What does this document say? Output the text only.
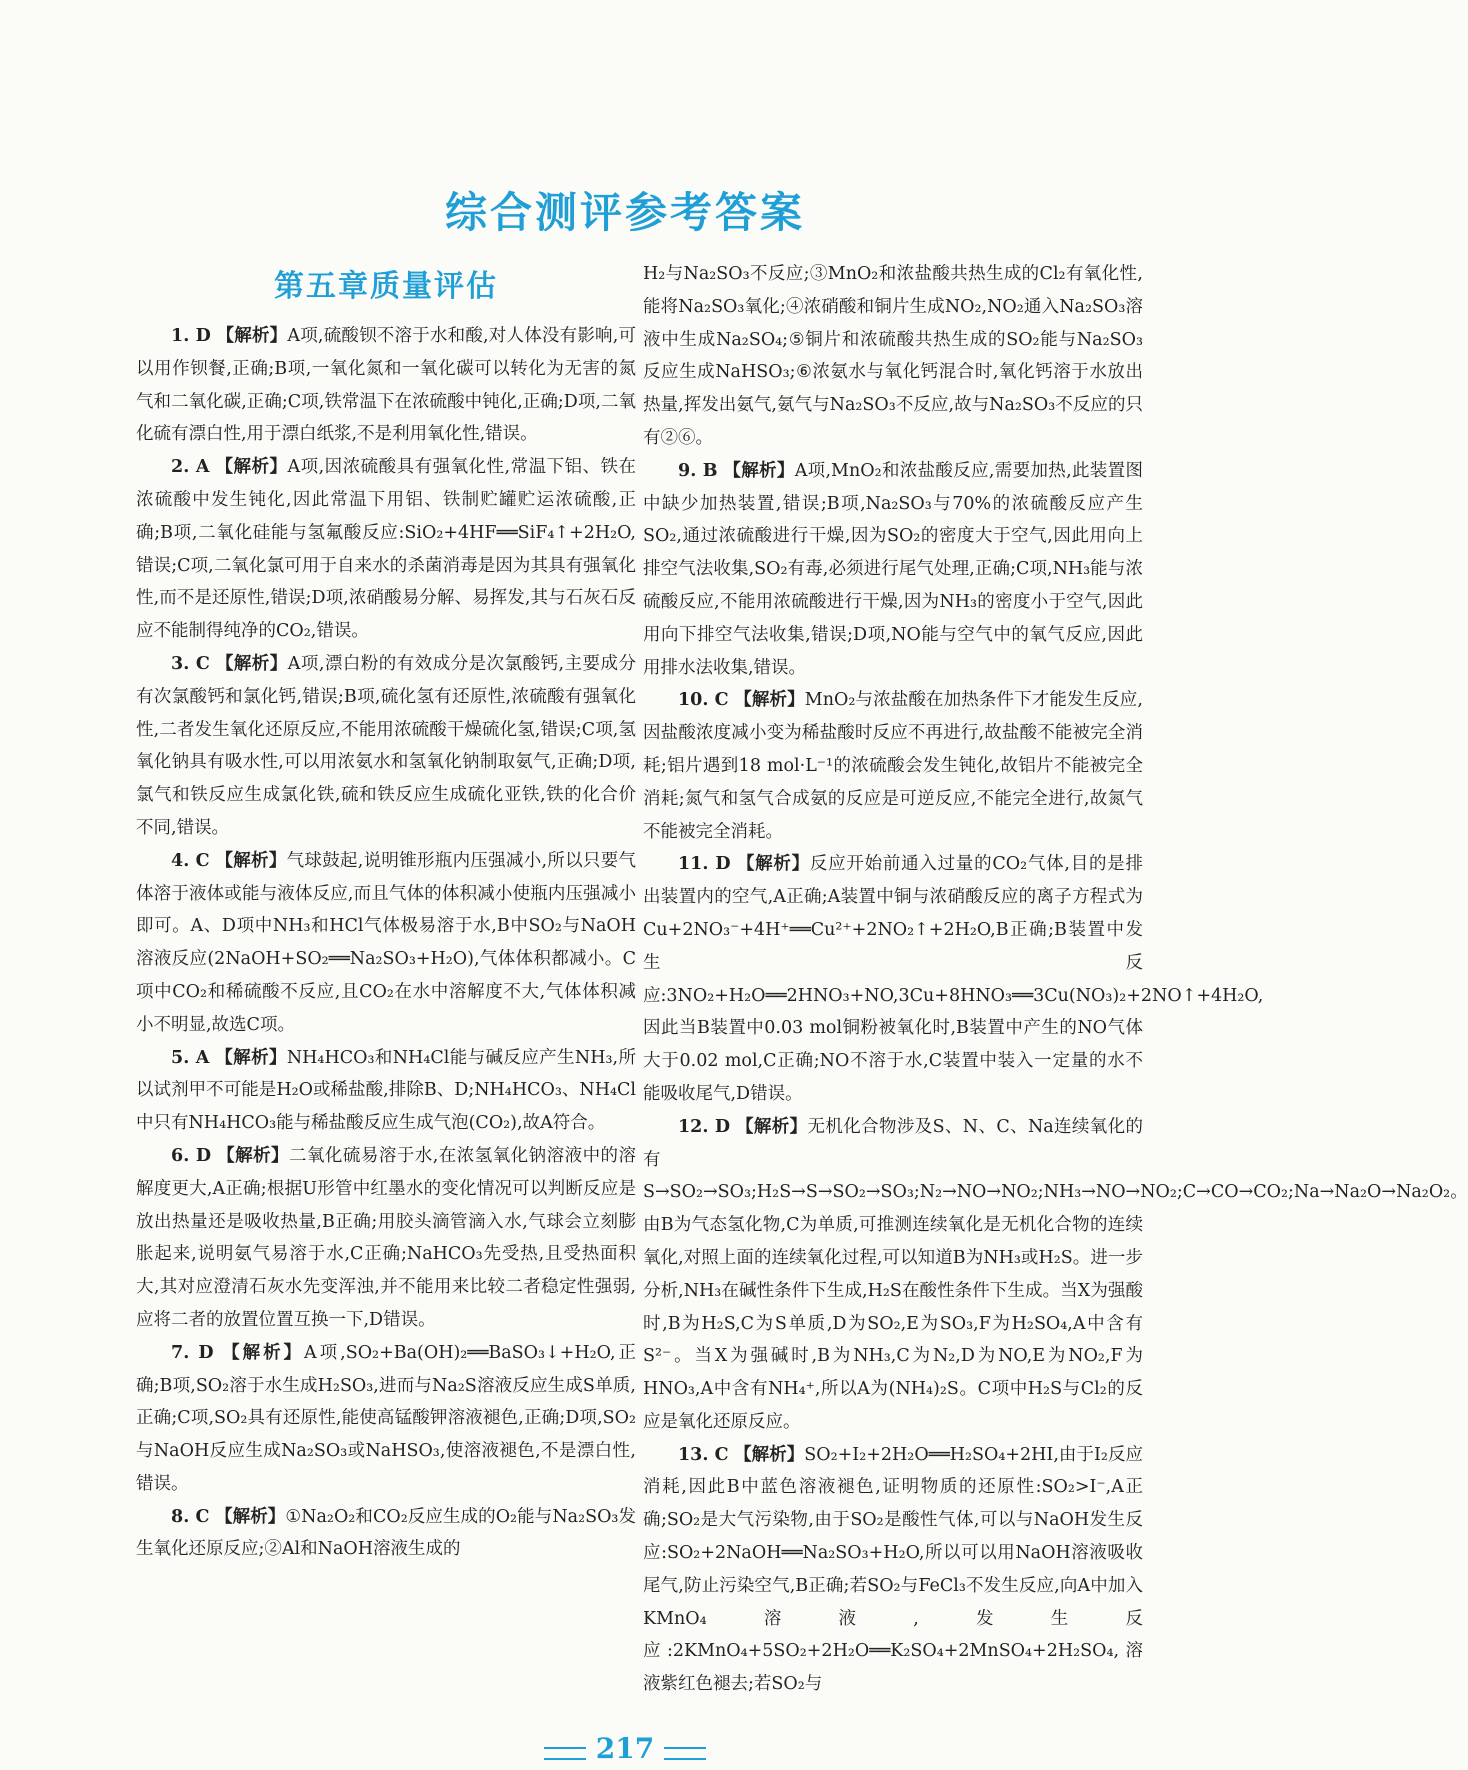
综合测评参考答案
第五章质量评估

1. D 【解析】A项,硫酸钡不溶于水和酸,对人体没有影响,可以用作钡餐,正确;B项,一氧化氮和一氧化碳可以转化为无害的氮气和二氧化碳,正确;C项,铁常温下在浓硫酸中钝化,正确;D项,二氧化硫有漂白性,用于漂白纸浆,不是利用氧化性,错误。

2. A 【解析】A项,因浓硫酸具有强氧化性,常温下铝、铁在浓硫酸中发生钝化,因此常温下用铝、铁制贮罐贮运浓硫酸,正确;B项,二氧化硅能与氢氟酸反应:SiO₂+4HF══SiF₄↑+2H₂O,错误;C项,二氧化氯可用于自来水的杀菌消毒是因为其具有强氧化性,而不是还原性,错误;D项,浓硝酸易分解、易挥发,其与石灰石反应不能制得纯净的CO₂,错误。

3. C 【解析】A项,漂白粉的有效成分是次氯酸钙,主要成分有次氯酸钙和氯化钙,错误;B项,硫化氢有还原性,浓硫酸有强氧化性,二者发生氧化还原反应,不能用浓硫酸干燥硫化氢,错误;C项,氢氧化钠具有吸水性,可以用浓氨水和氢氧化钠制取氨气,正确;D项,氯气和铁反应生成氯化铁,硫和铁反应生成硫化亚铁,铁的化合价不同,错误。

4. C 【解析】气球鼓起,说明锥形瓶内压强减小,所以只要气体溶于液体或能与液体反应,而且气体的体积减小使瓶内压强减小即可。A、D项中NH₃和HCl气体极易溶于水,B中SO₂与NaOH溶液反应(2NaOH+SO₂══Na₂SO₃+H₂O),气体体积都减小。C项中CO₂和稀硫酸不反应,且CO₂在水中溶解度不大,气体体积减小不明显,故选C项。

5. A 【解析】NH₄HCO₃和NH₄Cl能与碱反应产生NH₃,所以试剂甲不可能是H₂O或稀盐酸,排除B、D;NH₄HCO₃、NH₄Cl中只有NH₄HCO₃能与稀盐酸反应生成气泡(CO₂),故A符合。

6. D 【解析】二氧化硫易溶于水,在浓氢氧化钠溶液中的溶解度更大,A正确;根据U形管中红墨水的变化情况可以判断反应是放出热量还是吸收热量,B正确;用胶头滴管滴入水,气球会立刻膨胀起来,说明氨气易溶于水,C正确;NaHCO₃先受热,且受热面积大,其对应澄清石灰水先变浑浊,并不能用来比较二者稳定性强弱,应将二者的放置位置互换一下,D错误。

7. D 【解析】A项,SO₂+Ba(OH)₂══BaSO₃↓+H₂O,正确;B项,SO₂溶于水生成H₂SO₃,进而与Na₂S溶液反应生成S单质,正确;C项,SO₂具有还原性,能使高锰酸钾溶液褪色,正确;D项,SO₂与NaOH反应生成Na₂SO₃或NaHSO₃,使溶液褪色,不是漂白性,错误。

8. C 【解析】①Na₂O₂和CO₂反应生成的O₂能与Na₂SO₃发生氧化还原反应;②Al和NaOH溶液生成的

H₂与Na₂SO₃不反应;③MnO₂和浓盐酸共热生成的Cl₂有氧化性,能将Na₂SO₃氧化;④浓硝酸和铜片生成NO₂,NO₂通入Na₂SO₃溶液中生成Na₂SO₄;⑤铜片和浓硫酸共热生成的SO₂能与Na₂SO₃反应生成NaHSO₃;⑥浓氨水与氧化钙混合时,氧化钙溶于水放出热量,挥发出氨气,氨气与Na₂SO₃不反应,故与Na₂SO₃不反应的只有②⑥。

9. B 【解析】A项,MnO₂和浓盐酸反应,需要加热,此装置图中缺少加热装置,错误;B项,Na₂SO₃与70%的浓硫酸反应产生SO₂,通过浓硫酸进行干燥,因为SO₂的密度大于空气,因此用向上排空气法收集,SO₂有毒,必须进行尾气处理,正确;C项,NH₃能与浓硫酸反应,不能用浓硫酸进行干燥,因为NH₃的密度小于空气,因此用向下排空气法收集,错误;D项,NO能与空气中的氧气反应,因此用排水法收集,错误。

10. C 【解析】MnO₂与浓盐酸在加热条件下才能发生反应,因盐酸浓度减小变为稀盐酸时反应不再进行,故盐酸不能被完全消耗;铝片遇到18 mol·L⁻¹的浓硫酸会发生钝化,故铝片不能被完全消耗;氮气和氢气合成氨的反应是可逆反应,不能完全进行,故氮气不能被完全消耗。

11. D 【解析】反应开始前通入过量的CO₂气体,目的是排出装置内的空气,A正确;A装置中铜与浓硝酸反应的离子方程式为Cu+2NO₃⁻+4H⁺══Cu²⁺+2NO₂↑+2H₂O,B正确;B装置中发生反应:3NO₂+H₂O══2HNO₃+NO,3Cu+8HNO₃══3Cu(NO₃)₂+2NO↑+4H₂O,因此当B装置中0.03 mol铜粉被氧化时,B装置中产生的NO气体大于0.02 mol,C正确;NO不溶于水,C装置中装入一定量的水不能吸收尾气,D错误。

12. D 【解析】无机化合物涉及S、N、C、Na连续氧化的有S→SO₂→SO₃;H₂S→S→SO₂→SO₃;N₂→NO→NO₂;NH₃→NO→NO₂;C→CO→CO₂;Na→Na₂O→Na₂O₂。由B为气态氢化物,C为单质,可推测连续氧化是无机化合物的连续氧化,对照上面的连续氧化过程,可以知道B为NH₃或H₂S。进一步分析,NH₃在碱性条件下生成,H₂S在酸性条件下生成。当X为强酸时,B为H₂S,C为S单质,D为SO₂,E为SO₃,F为H₂SO₄,A中含有S²⁻。当X为强碱时,B为NH₃,C为N₂,D为NO,E为NO₂,F为HNO₃,A中含有NH₄⁺,所以A为(NH₄)₂S。C项中H₂S与Cl₂的反应是氧化还原反应。

13. C 【解析】SO₂+I₂+2H₂O══H₂SO₄+2HI,由于I₂反应消耗,因此B中蓝色溶液褪色,证明物质的还原性:SO₂>I⁻,A正确;SO₂是大气污染物,由于SO₂是酸性气体,可以与NaOH发生反应:SO₂+2NaOH══Na₂SO₃+H₂O,所以可以用NaOH溶液吸收尾气,防止污染空气,B正确;若SO₂与FeCl₃不发生反应,向A中加入KMnO₄溶液,发生反应:2KMnO₄+5SO₂+2H₂O══K₂SO₄+2MnSO₄+2H₂SO₄,溶液紫红色褪去;若SO₂与

217
